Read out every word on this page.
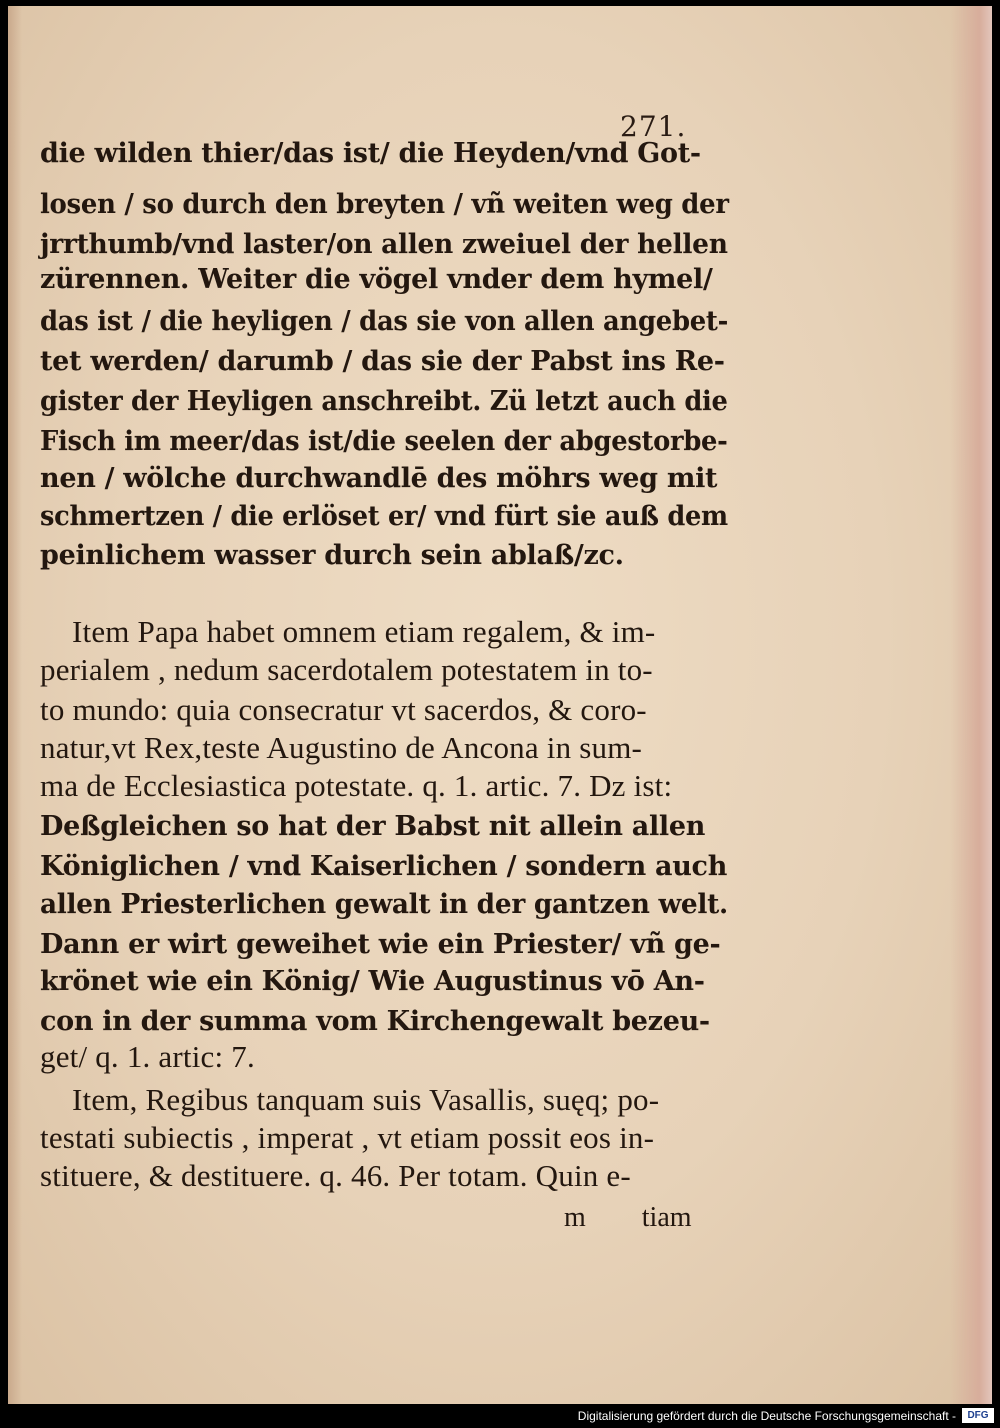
271.
die wilden thier/das ist/ die Heyden/vnd Got-
losen / so durch den breyten / vñ weiten weg der
jrrthumb/vnd laster/on allen zweiuel der hellen
zürennen. Weiter die vögel vnder dem hymel/
das ist / die heyligen / das sie von allen angebet-
tet werden/ darumb / das sie der Pabst ins Re-
gister der Heyligen anschreibt. Zü letzt auch die
Fisch im meer/das ist/die seelen der abgestorbe-
nen / wölche durchwandlē des möhrs weg mit
schmertzen / die erlöset er/ vnd fürt sie auß dem
peinlichem wasser durch sein ablaß/zc.
Item Papa habet omnem etiam regalem, & im-
perialem , nedum sacerdotalem potestatem in to-
to mundo: quia consecratur vt sacerdos, & coro-
natur,vt Rex,teste Augustino de Ancona in sum-
ma de Ecclesiastica potestate. q. 1. artic. 7. Dz ist:
Deßgleichen so hat der Babst nit allein allen
Königlichen / vnd Kaiserlichen / sondern auch
allen Priesterlichen gewalt in der gantzen welt.
Dann er wirt geweihet wie ein Priester/ vñ ge-
krönet wie ein König/ Wie Augustinus vō An-
con in der summa vom Kirchengewalt bezeu-
get/ q. 1. artic: 7.
Item, Regibus tanquam suis Vasallis, suęq; po-
testati subiectis , imperat , vt etiam possit eos in-
stituere, & destituere. q. 46. Per totam. Quin e-
m        tiam
Digitalisierung gefördert durch die Deutsche Forschungsgemeinschaft -	DFG
